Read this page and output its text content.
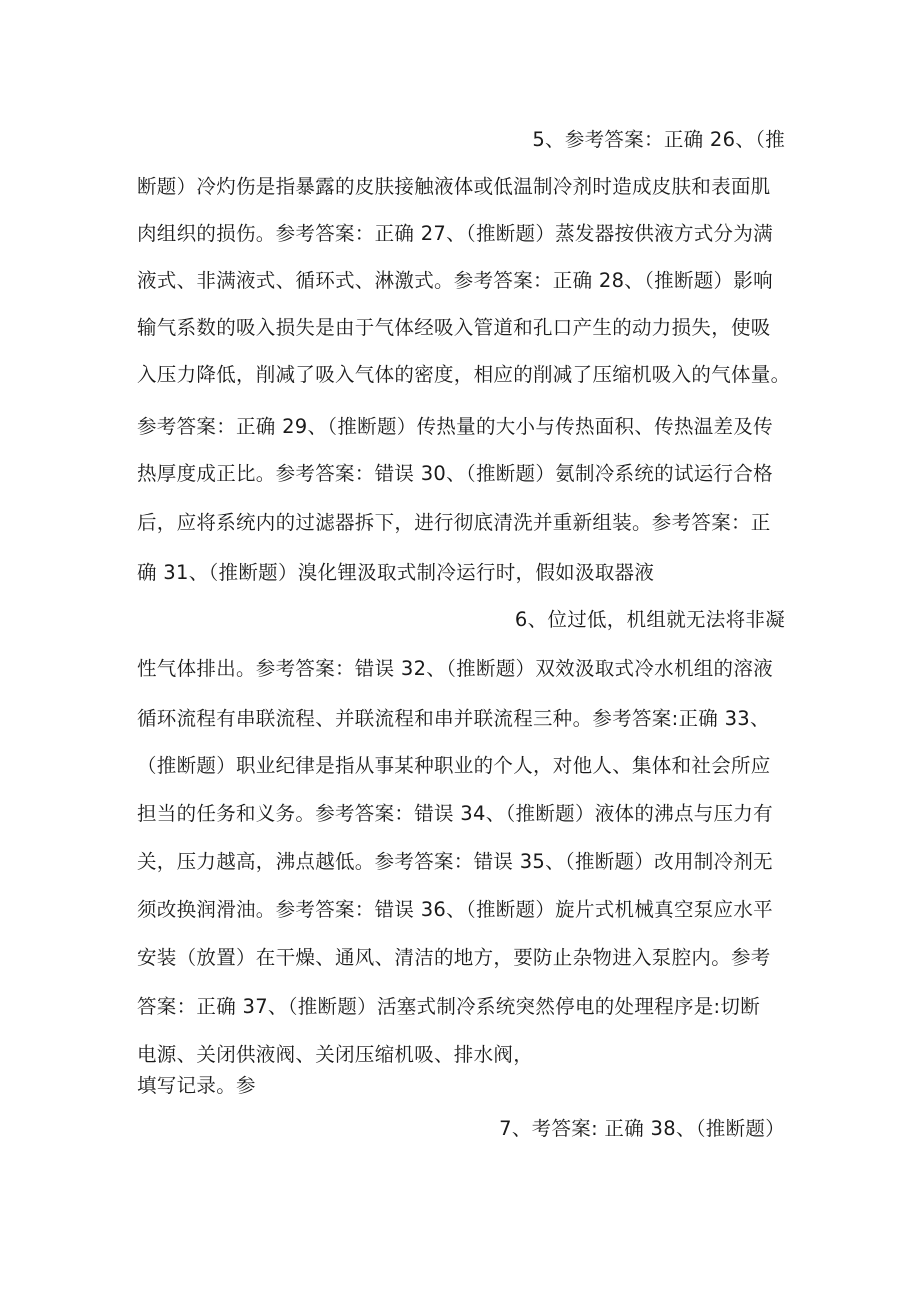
5、参考答案：正确 26、（推
断题）冷灼伤是指暴露的皮肤接触液体或低温制冷剂时造成皮肤和表面肌
肉组织的损伤。参考答案：正确 27、（推断题）蒸发器按供液方式分为满
液式、非满液式、循环式、淋激式。参考答案：正确 28、（推断题）影响
输气系数的吸入损失是由于气体经吸入管道和孔口产生的动力损失，使吸
入压力降低，削减了吸入气体的密度，相应的削减了压缩机吸入的气体量。
参考答案：正确 29、（推断题）传热量的大小与传热面积、传热温差及传
热厚度成正比。参考答案：错误 30、（推断题）氨制冷系统的试运行合格
后，应将系统内的过滤器拆下，进行彻底清洗并重新组装。参考答案：正
确 31、（推断题）溴化锂汲取式制冷运行时，假如汲取器液
6、位过低，机组就无法将非凝
性气体排出。参考答案：错误 32、（推断题）双效汲取式冷水机组的溶液
循环流程有串联流程、并联流程和串并联流程三种。参考答案:正确 33、
（推断题）职业纪律是指从事某种职业的个人，对他人、集体和社会所应
担当的任务和义务。参考答案：错误 34、（推断题）液体的沸点与压力有
关，压力越高，沸点越低。参考答案：错误 35、（推断题）改用制冷剂无
须改换润滑油。参考答案：错误 36、（推断题）旋片式机械真空泵应水平
安装（放置）在干燥、通风、清洁的地方，要防止杂物进入泵腔内。参考
答案：正确 37、（推断题）活塞式制冷系统突然停电的处理程序是:切断
电源、关闭供液阀、关闭压缩机吸、排水阀，
填写记录。参
7、考答案: 正确 38、（推断题）
